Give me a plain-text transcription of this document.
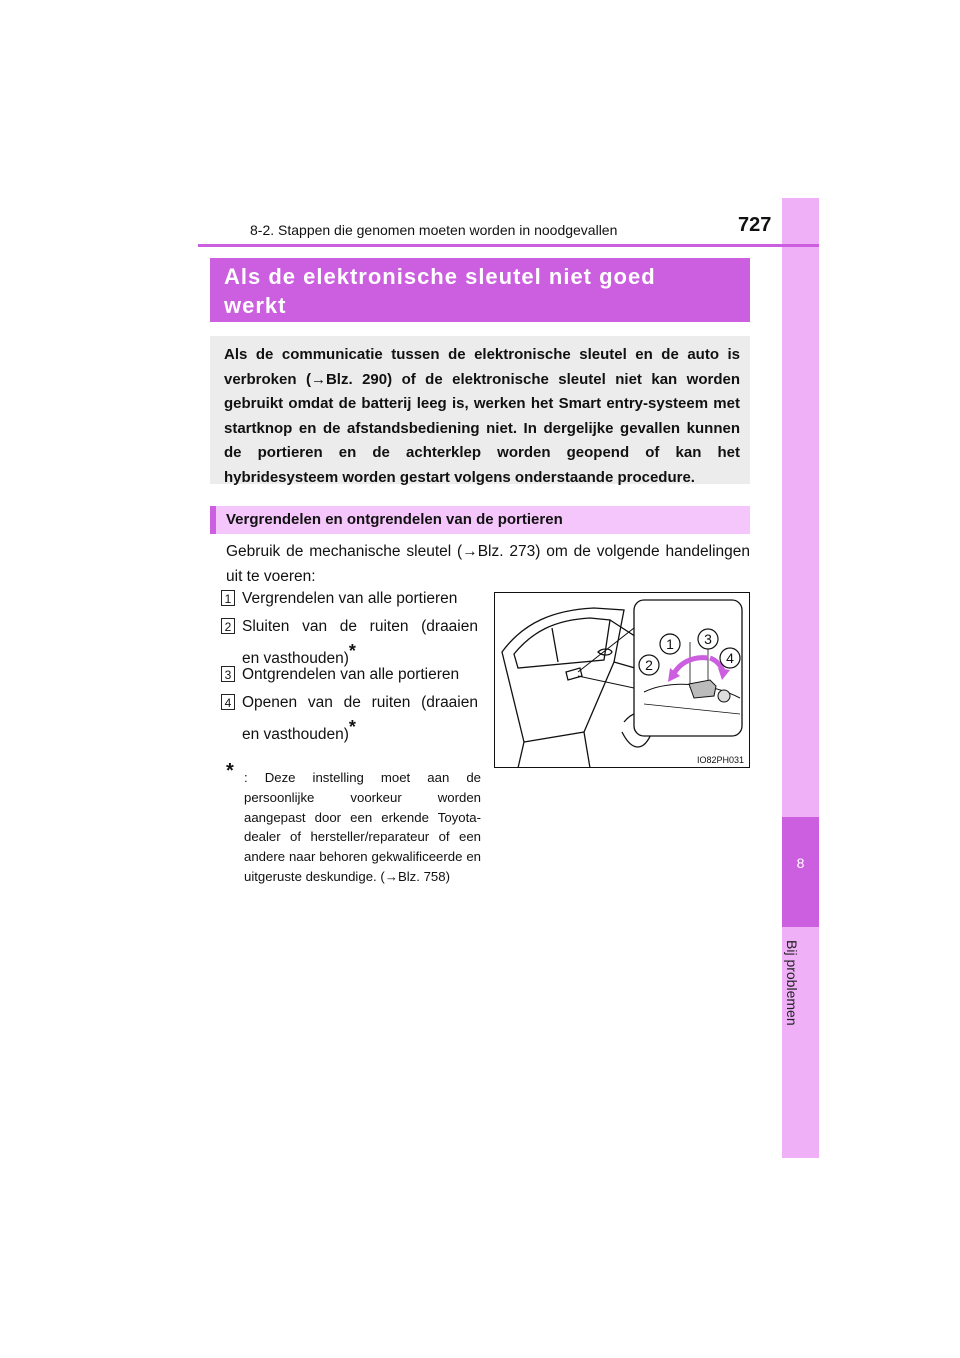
8
Bij problemen
8-2. Stappen die genomen moeten worden in noodgevallen	727
Als de elektronische sleutel niet goed
werkt
Als de communicatie tussen de elektronische sleutel en de auto is verbroken (→Blz. 290) of de elektronische sleutel niet kan worden gebruikt omdat de batterij leeg is, werken het Smart entry-systeem met startknop en de afstandsbediening niet. In dergelijke gevallen kunnen de portieren en de achterklep worden geopend of kan het hybridesysteem worden gestart volgens onderstaande procedure.
Vergrendelen en ontgrendelen van de portieren
Gebruik de mechanische sleutel (→Blz. 273) om de volgende handelingen uit te voeren:
1 Vergrendelen van alle portieren
2 Sluiten van de ruiten (draaien
en vasthouden)*
3 Ontgrendelen van alle portieren
4 Openen van de ruiten (draaien
en vasthouden)*
* : Deze instelling moet aan de persoonlijke voorkeur worden aangepast door een erkende Toyota-dealer of hersteller/reparateur of een andere naar behoren gekwalificeerde en uitgeruste deskundige. (→Blz. 758)
1 3
2	4
IO82PH031
